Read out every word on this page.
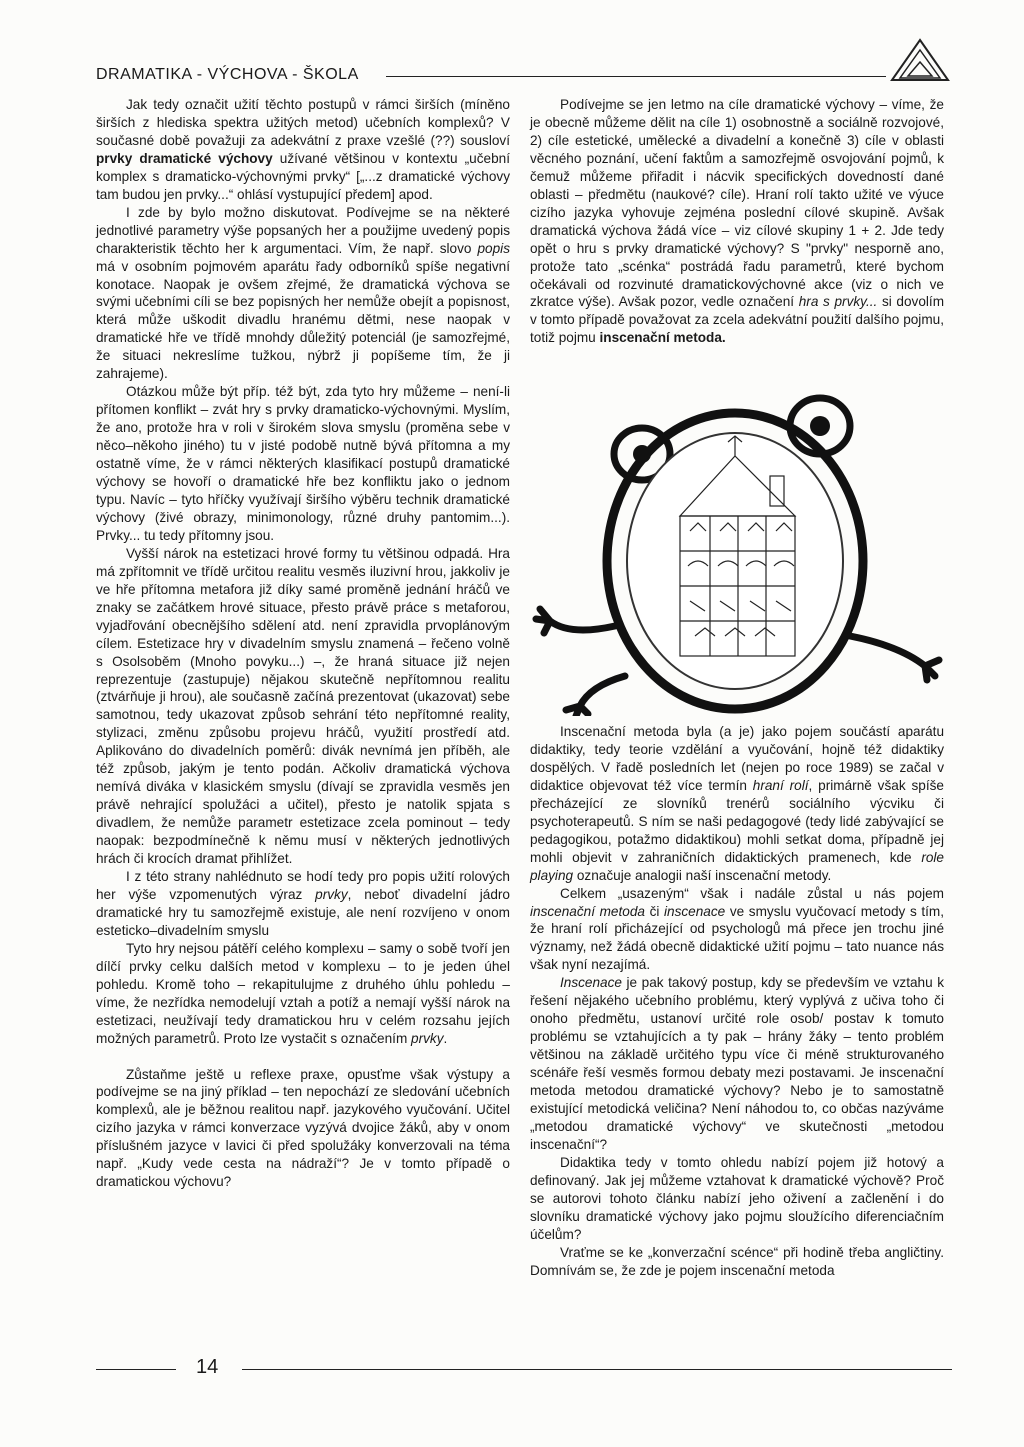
DRAMATIKA - VÝCHOVA - ŠKOLA

Jak tedy označit užití těchto postupů v rámci širších (míněno širších z hlediska spektra užitých metod) učebních komplexů? V současné době považuji za adekvátní z praxe vzešlé (??) sousloví prvky dramatické výchovy užívané většinou v kontextu „učební komplex s dramaticko-výchovnými prvky“ [„...z dramatické výchovy tam budou jen prvky...“ ohlásí vystupující předem] apod.

I zde by bylo možno diskutovat. Podívejme se na některé jednotlivé parametry výše popsaných her a použijme uvedený popis charakteristik těchto her k argumentaci. Vím, že např. slovo popis má v osobním pojmovém aparátu řady odborníků spíše negativní konotace. Naopak je ovšem zřejmé, že dramatická výchova se svými učebními cíli se bez popisných her nemůže obejít a popisnost, která může uškodit divadlu hranému dětmi, nese naopak v dramatické hře ve třídě mnohdy důležitý potenciál (je samozřejmé, že situaci nekreslíme tužkou, nýbrž ji popíšeme tím, že ji zahrajeme).

Otázkou může být příp. též být, zda tyto hry můžeme – není-li přítomen konflikt – zvát hry s prvky dramaticko-výchovnými. Myslím, že ano, protože hra v roli v širokém slova smyslu (proměna sebe v něco–někoho jiného) tu v jisté podobě nutně bývá přítomna a my ostatně víme, že v rámci některých klasifikací postupů dramatické výchovy se hovoří o dramatické hře bez konfliktu jako o jednom typu. Navíc – tyto hříčky využívají širšího výběru technik dramatické výchovy (živé obrazy, minimonology, různé druhy pantomim...). Prvky... tu tedy přítomny jsou.

Vyšší nárok na estetizaci hrové formy tu většinou odpadá. Hra má zpřítomnit ve třídě určitou realitu vesměs iluzivní hrou, jakkoliv je ve hře přítomna metafora již díky samé proměně jednání hráčů ve znaky se začátkem hrové situace, přesto právě práce s metaforou, vyjadřování obecnějšího sdělení atd. není zpravidla prvoplánovým cílem. Estetizace hry v divadelním smyslu znamená – řečeno volně s Osolsoběm (Mnoho povyku...) –, že hraná situace již nejen reprezentuje (zastupuje) nějakou skutečně nepřítomnou realitu (ztvárňuje ji hrou), ale současně začíná prezentovat (ukazovat) sebe samotnou, tedy ukazovat způsob sehrání této nepřítomné reality, stylizaci, změnu způsobu projevu hráčů, využití prostředí atd. Aplikováno do divadelních poměrů: divák nevnímá jen příběh, ale též způsob, jakým je tento podán. Ačkoliv dramatická výchova nemívá diváka v klasickém smyslu (dívají se zpravidla vesměs jen právě nehrající spolužáci a učitel), přesto je natolik spjata s divadlem, že nemůže parametr estetizace zcela pominout – tedy naopak: bezpodmínečně k němu musí v některých jednotlivých hrách či krocích dramat přihlížet.

I z této strany nahlédnuto se hodí tedy pro popis užití rolových her výše vzpomenutých výraz prvky, neboť divadelní jádro dramatické hry tu samozřejmě existuje, ale není rozvíjeno v onom esteticko–divadelním smyslu

Tyto hry nejsou pátěří celého komplexu – samy o sobě tvoří jen dílčí prvky celku dalších metod v komplexu – to je jeden úhel pohledu. Kromě toho – rekapitulujme z druhého úhlu pohledu – víme, že nezřídka nemodelují vztah a potíž a nemají vyšší nárok na estetizaci, neužívají tedy dramatickou hru v celém rozsahu jejích možných parametrů. Proto lze vystačit s označením prvky.

Zůstaňme ještě u reflexe praxe, opusťme však výstupy a podívejme se na jiný příklad – ten nepochází ze sledování učebních komplexů, ale je běžnou realitou např. jazykového vyučování. Učitel cizího jazyka v rámci konverzace vyzývá dvojice žáků, aby v onom příslušném jazyce v lavici či před spolužáky konverzovali na téma např. „Kudy vede cesta na nádraží“? Je v tomto případě o dramatickou výchovu?

Podívejme se jen letmo na cíle dramatické výchovy – víme, že je obecně můžeme dělit na cíle 1) osobnostně a sociálně rozvojové, 2) cíle estetické, umělecké a divadelní a konečně 3) cíle v oblasti věcného poznání, učení faktům a samozřejmě osvojování pojmů, k čemuž můžeme přiřadit i nácvik specifických dovedností dané oblasti – předmětu (naukové? cíle). Hraní rolí takto užité ve výuce cizího jazyka vyhovuje zejména poslední cílové skupině. Avšak dramatická výchova žádá více – viz cílové skupiny 1 + 2. Jde tedy opět o hru s prvky dramatické výchovy? S "prvky" nesporně ano, protože tato „scénka“ postrádá řadu parametrů, které bychom očekávali od rozvinuté dramatickovýchovné akce (viz o nich ve zkratce výše). Avšak pozor, vedle označení hra s prvky... si dovolím v tomto případě považovat za zcela adekvátní použití dalšího pojmu, totiž pojmu inscenační metoda.

Inscenační metoda byla (a je) jako pojem součástí aparátu didaktiky, tedy teorie vzdělání a vyučování, hojně též didaktiky dospělých. V řadě posledních let (nejen po roce 1989) se začal v didaktice objevovat též více termín hraní rolí, primárně však spíše přecházející ze slovníků trenérů sociálního výcviku či psychoterapeutů. S ním se naši pedagogové (tedy lidé zabývající se pedagogikou, potažmo didaktikou) mohli setkat doma, případně jej mohli objevit v zahraničních didaktických pramenech, kde role playing označuje analogii naší inscenační metody.

Celkem „usazeným“ však i nadále zůstal u nás pojem inscenační metoda či inscenace ve smyslu vyučovací metody s tím, že hraní rolí přicházející od psychologů má přece jen trochu jiné významy, než žádá obecně didaktické užití pojmu – tato nuance nás však nyní nezajímá.

Inscenace je pak takový postup, kdy se především ve vztahu k řešení nějakého učebního problému, který vyplývá z učiva toho či onoho předmětu, ustanoví určité role osob/ postav k tomuto problému se vztahujících a ty pak – hrány žáky – tento problém většinou na základě určitého typu více či méně strukturovaného scénáře řeší vesměs formou debaty mezi postavami. Je inscenační metoda metodou dramatické výchovy? Nebo je to samostatně existující metodická veličina? Není náhodou to, co občas nazýváme „metodou dramatické výchovy“ ve skutečnosti „metodou inscenační“?

Didaktika tedy v tomto ohledu nabízí pojem již hotový a definovaný. Jak jej můžeme vztahovat k dramatické výchově? Proč se autorovi tohoto článku nabízí jeho oživení a začlenění i do slovníku dramatické výchovy jako pojmu sloužícího diferenciačním účelům?

Vraťme se ke „konverzační scénce“ při hodině třeba angličtiny. Domnívám se, že zde je pojem inscenační metoda

14
